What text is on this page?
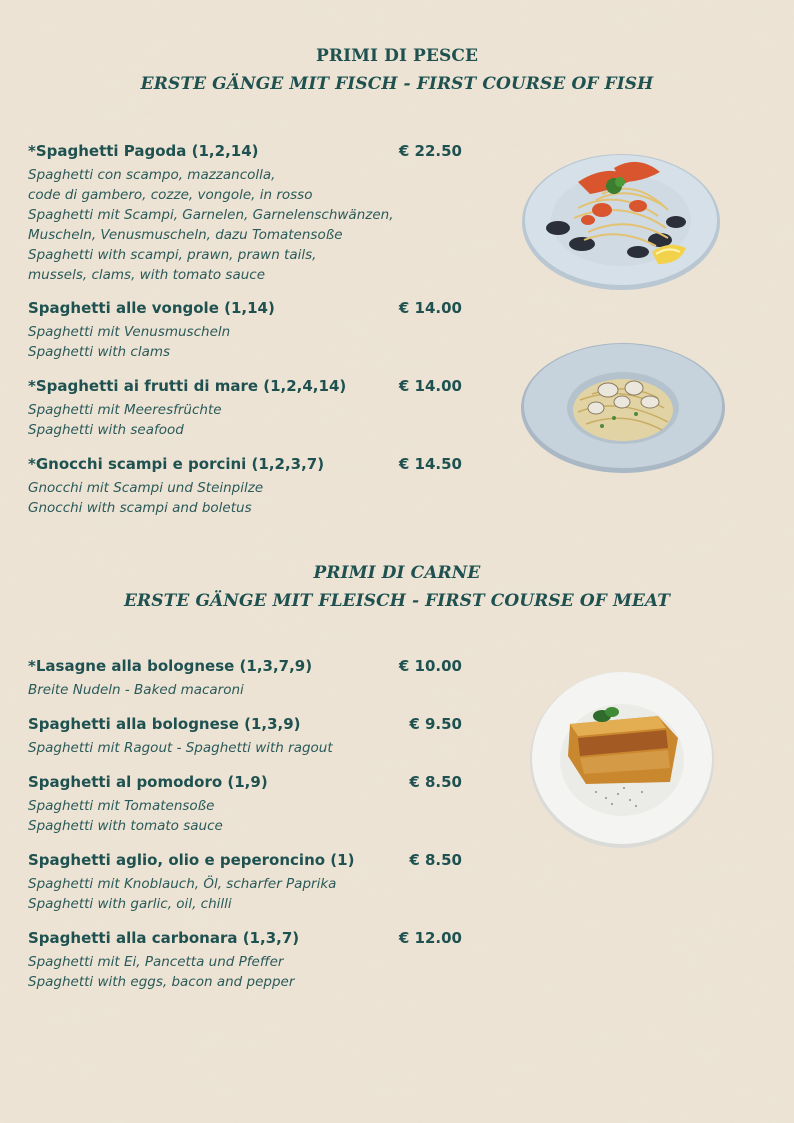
PRIMI DI PESCE
ERSTE GÄNGE MIT FISCH - FIRST COURSE OF FISH
*Spaghetti Pagoda (1,2,14)	€ 22.50
Spaghetti con scampo, mazzancolla,
code di gambero, cozze, vongole, in rosso
Spaghetti mit Scampi, Garnelen, Garnelenschwänzen,
Muscheln, Venusmuscheln, dazu Tomatensoße
Spaghetti with scampi, prawn, prawn tails,
mussels, clams, with tomato sauce
Spaghetti alle vongole (1,14)	€ 14.00
Spaghetti mit Venusmuscheln
Spaghetti with clams
*Spaghetti ai frutti di mare (1,2,4,14)	€ 14.00
Spaghetti mit Meeresfrüchte
Spaghetti with seafood
*Gnocchi scampi e porcini (1,2,3,7)	€ 14.50
Gnocchi mit Scampi und Steinpilze
Gnocchi with scampi and boletus
PRIMI DI CARNE
ERSTE GÄNGE MIT FLEISCH - FIRST COURSE OF MEAT
*Lasagne alla bolognese (1,3,7,9)	€ 10.00
Breite Nudeln - Baked macaroni
Spaghetti alla bolognese (1,3,9)	€ 9.50
Spaghetti mit Ragout - Spaghetti with ragout
Spaghetti al pomodoro (1,9)	€ 8.50
Spaghetti mit Tomatensoße
Spaghetti with tomato sauce
Spaghetti aglio, olio e peperoncino (1)	€ 8.50
Spaghetti mit Knoblauch, Öl, scharfer Paprika
Spaghetti with garlic, oil, chilli
Spaghetti alla carbonara (1,3,7)	€ 12.00
Spaghetti mit Ei, Pancetta und Pfeffer
Spaghetti with eggs, bacon and pepper
